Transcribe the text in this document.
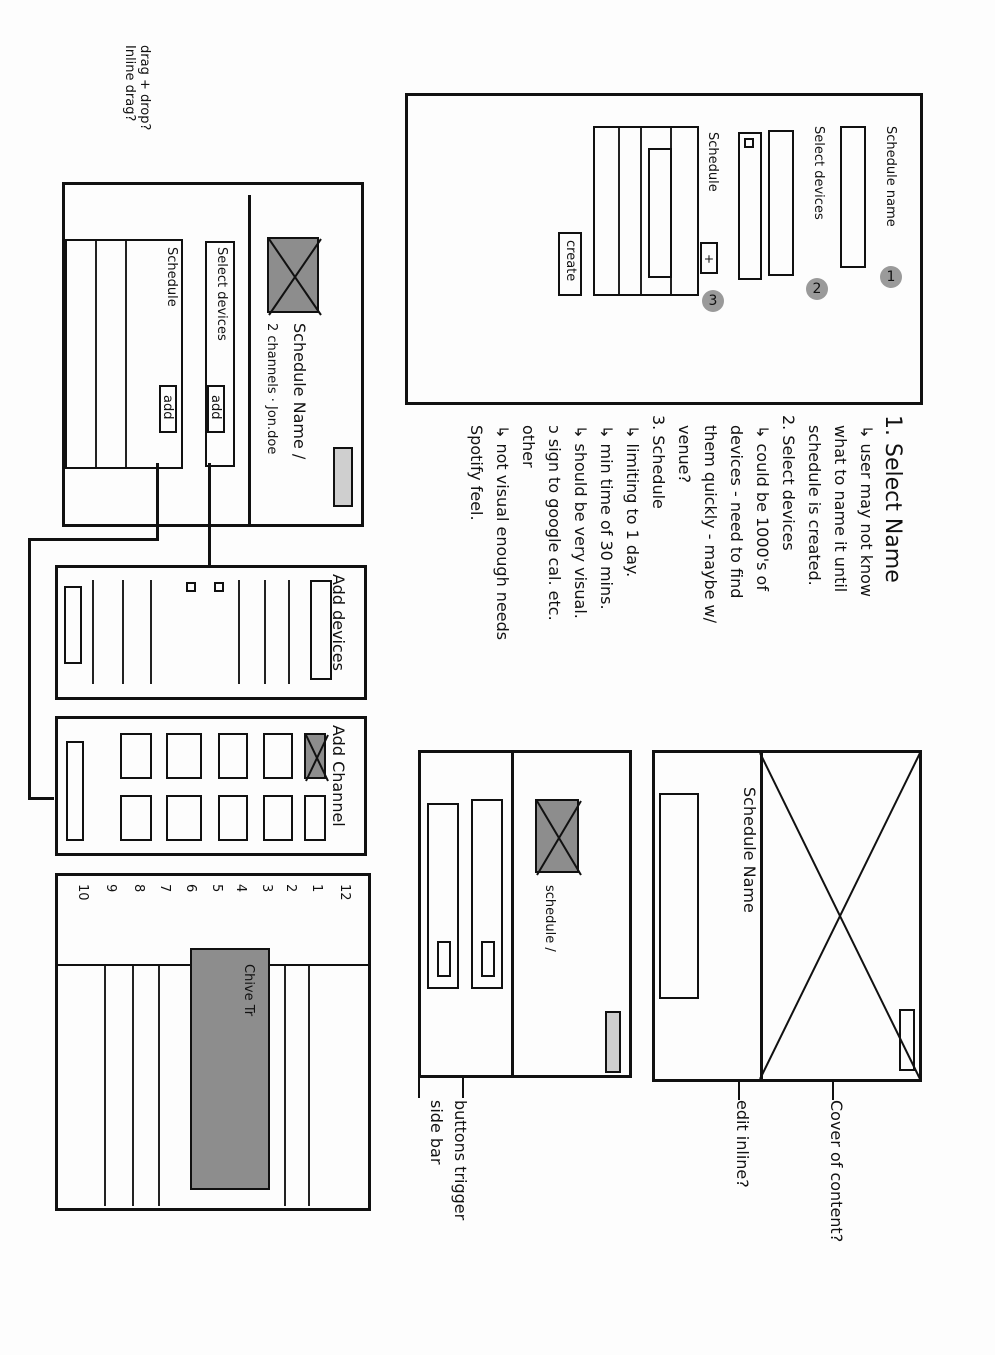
drag + drop?
Inline drag?
Schedule name
1
Select devices
2
Schedule
3
+
create
1. Select Name
↳ user may not know
what to name it until
schedule is created.
2. Select devices
↳ could be 1000's of
devices - need to find
them quickly - maybe w/
venue?
3. Schedule
↳ limiting to 1 day.
↳ min time of 30 mins.
↳ should be very visual.
ↄ sign to google cal. etc.
other
↳ not visual enough needs
Spotify feel.
Schedule Name /
2 channels · Jon.doe
Select devices
add
Schedule
add
Add devices
Add Channel
12
1
2
3
4
5
6
7
8
9
10
Chive Tr
schedule /
buttons trigger
side bar
Schedule Name
edit inline?	Cover of content?
